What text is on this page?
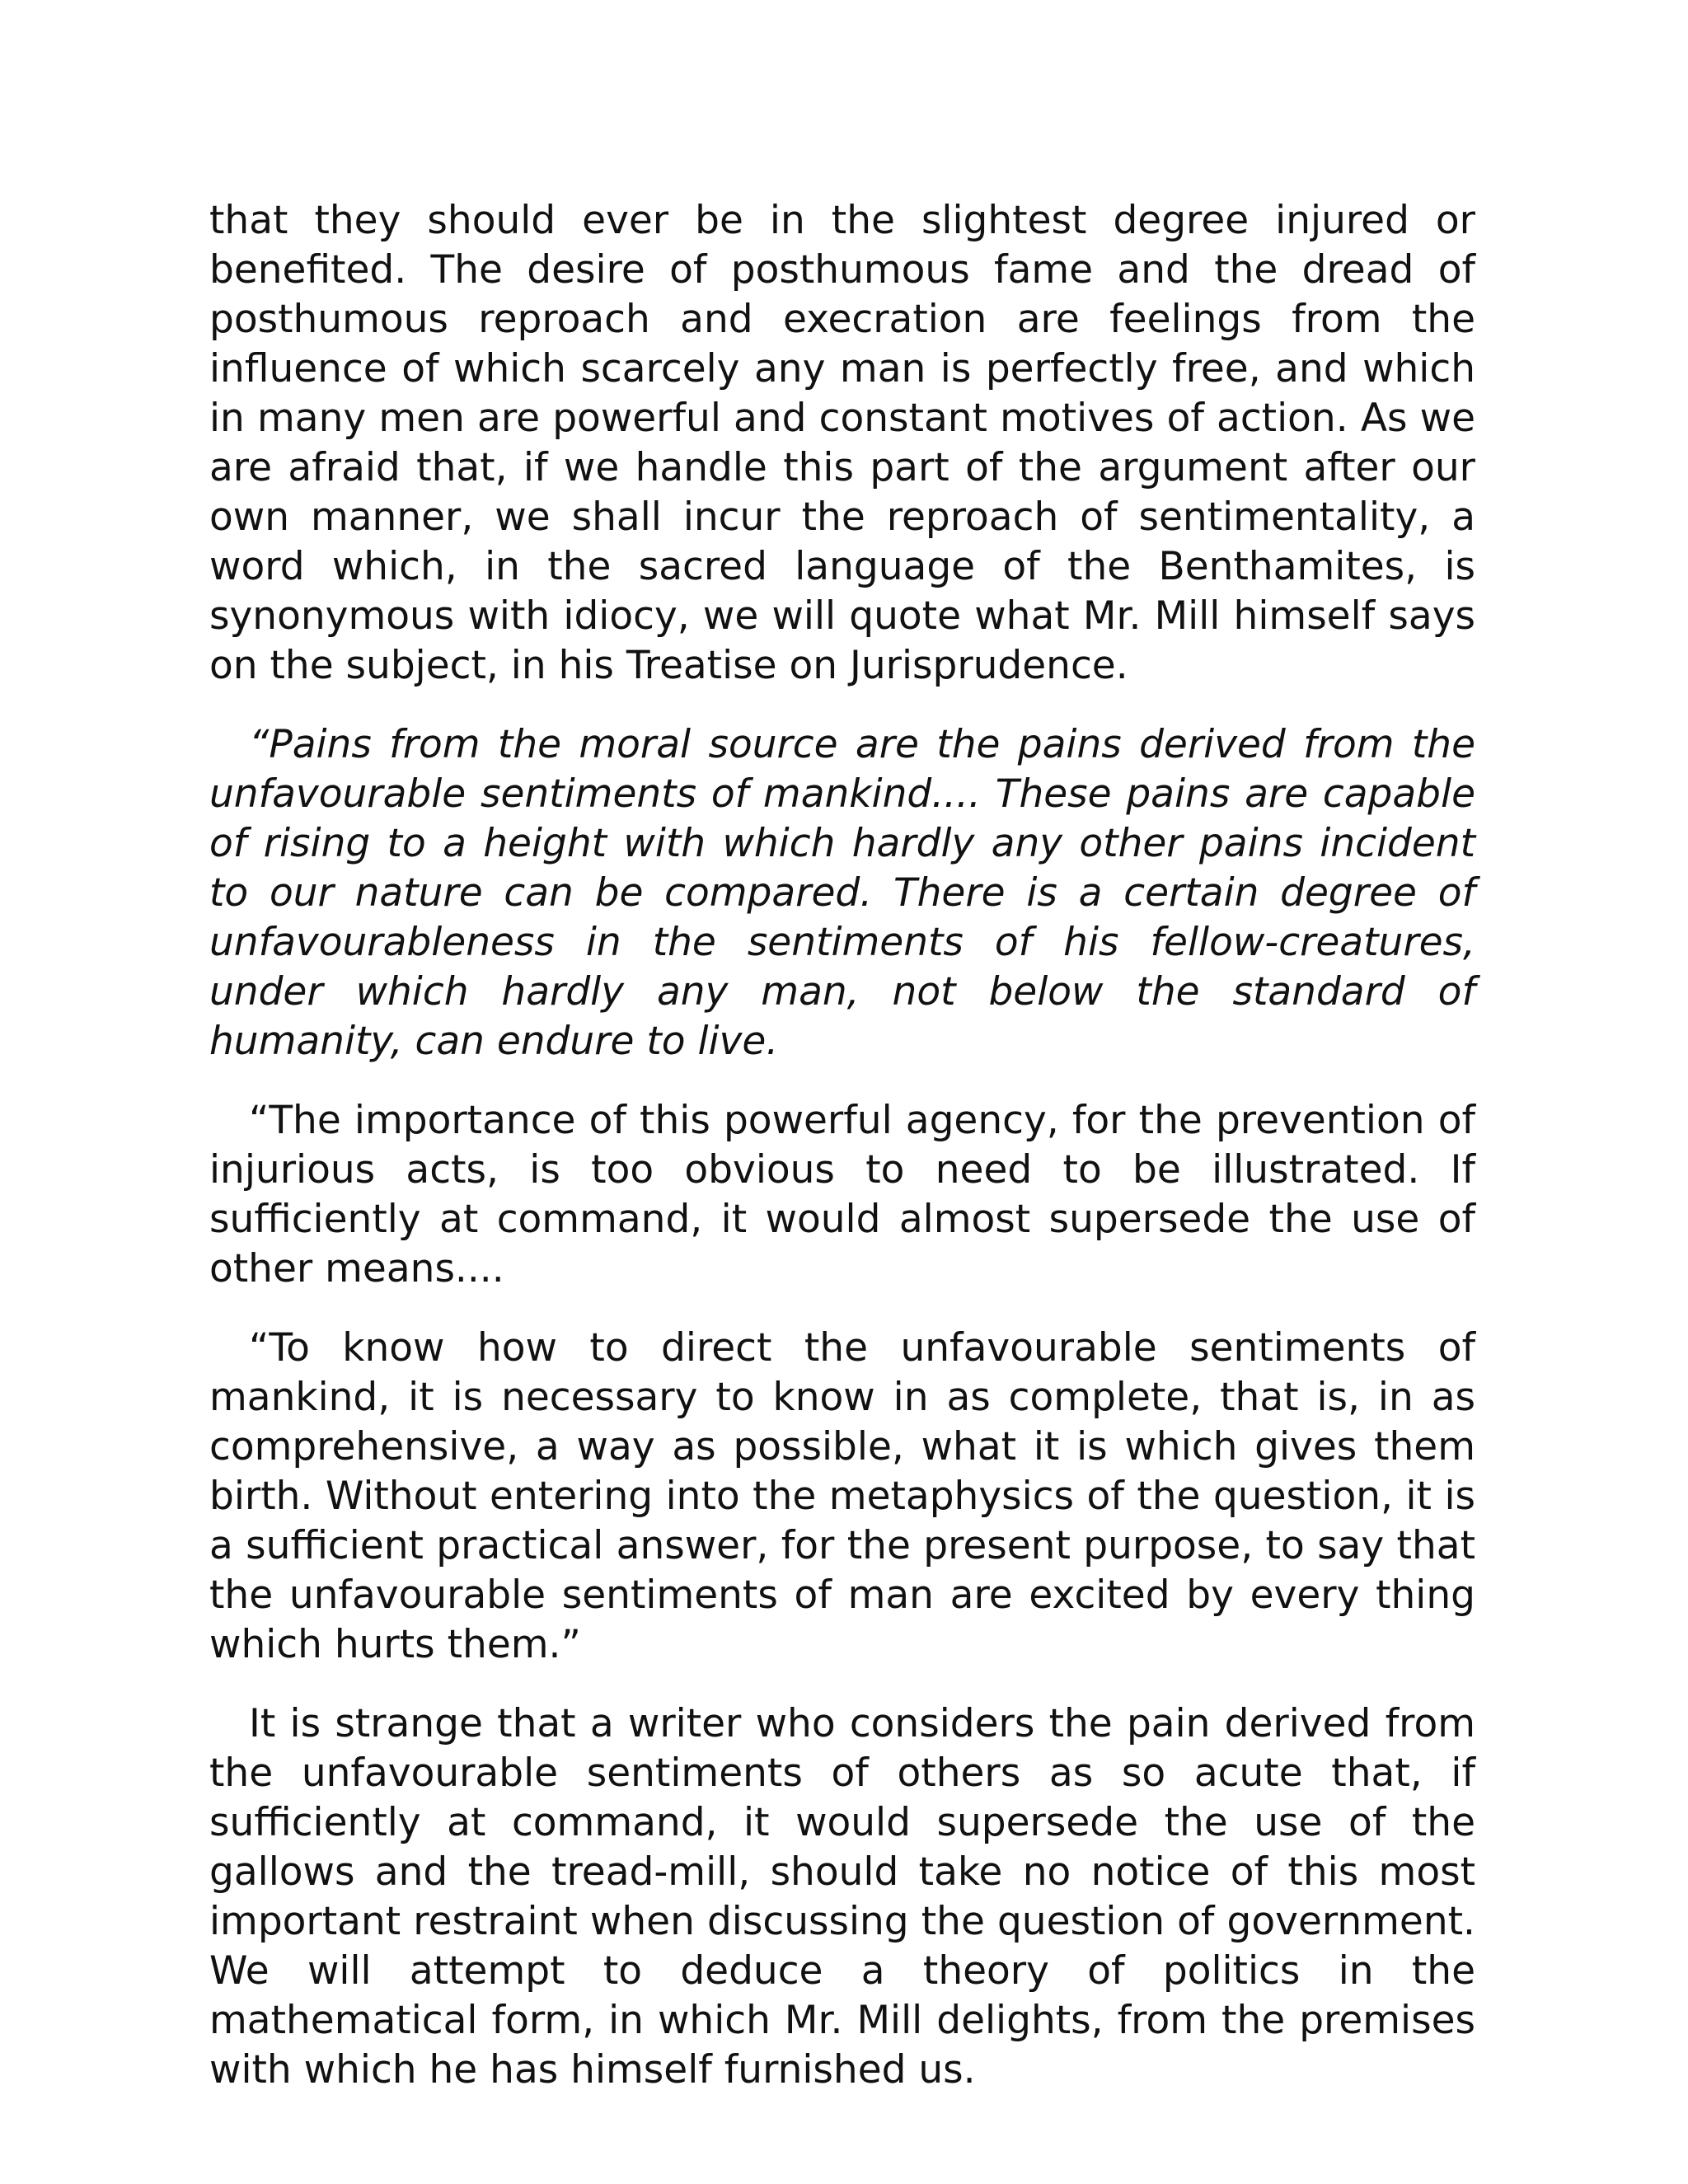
that they should ever be in the slightest degree injured or benefited. The desire of posthumous fame and the dread of posthumous reproach and execration are feelings from the influence of which scarcely any man is perfectly free, and which in many men are powerful and constant motives of action. As we are afraid that, if we handle this part of the argument after our own manner, we shall incur the reproach of sentimentality, a word which, in the sacred language of the Benthamites, is synonymous with idiocy, we will quote what Mr. Mill himself says on the subject, in his Treatise on Jurisprudence.

“Pains from the moral source are the pains derived from the unfavourable sentiments of mankind.... These pains are capable of rising to a height with which hardly any other pains incident to our nature can be compared. There is a certain degree of unfavourableness in the sentiments of his fellow-creatures, under which hardly any man, not below the standard of humanity, can endure to live.

“The importance of this powerful agency, for the prevention of injurious acts, is too obvious to need to be illustrated. If sufficiently at command, it would almost supersede the use of other means....

“To know how to direct the unfavourable sentiments of mankind, it is necessary to know in as complete, that is, in as comprehensive, a way as possible, what it is which gives them birth. Without entering into the metaphysics of the question, it is a sufficient practical answer, for the present purpose, to say that the unfavourable sentiments of man are excited by every thing which hurts them.”

It is strange that a writer who considers the pain derived from the unfavourable sentiments of others as so acute that, if sufficiently at command, it would supersede the use of the gallows and the tread-mill, should take no notice of this most important restraint when discussing the question of government. We will attempt to deduce a theory of politics in the mathematical form, in which Mr. Mill delights, from the premises with which he has himself furnished us.
